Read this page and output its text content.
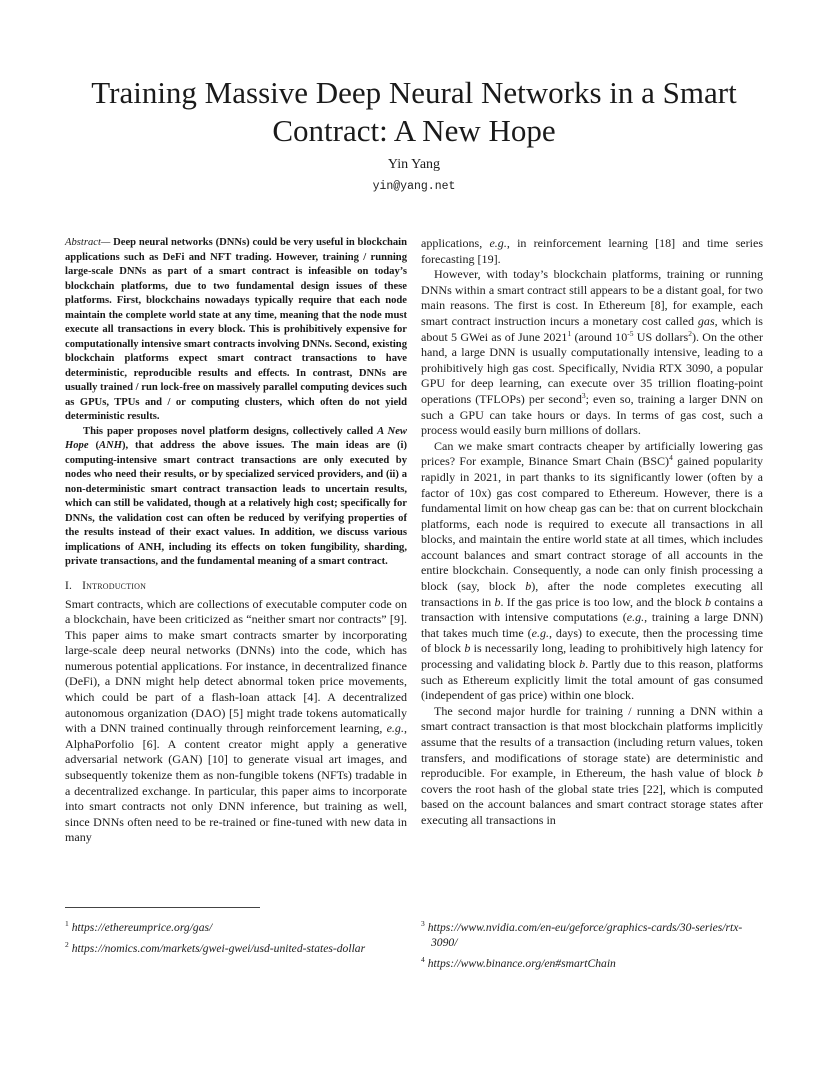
Training Massive Deep Neural Networks in a Smart
Contract: A New Hope
Yin Yang
yin@yang.net

Abstract— Deep neural networks (DNNs) could be very useful in blockchain applications such as DeFi and NFT trading. However, training / running large-scale DNNs as part of a smart contract is infeasible on today’s blockchain platforms, due to two fundamental design issues of these platforms. First, blockchains nowadays typically require that each node maintain the complete world state at any time, meaning that the node must execute all transactions in every block. This is prohibitively expensive for computationally intensive smart contracts involving DNNs. Second, existing blockchain platforms expect smart contract transactions to have deterministic, reproducible results and effects. In contrast, DNNs are usually trained / run lock-free on massively parallel computing devices such as GPUs, TPUs and / or computing clusters, which often do not yield deterministic results.

This paper proposes novel platform designs, collectively called A New Hope (ANH), that address the above issues. The main ideas are (i) computing-intensive smart contract transactions are only executed by nodes who need their results, or by specialized serviced providers, and (ii) a non-deterministic smart contract transaction leads to uncertain results, which can still be validated, though at a relatively high cost; specifically for DNNs, the validation cost can often be reduced by verifying properties of the results instead of their exact values. In addition, we discuss various implications of ANH, including its effects on token fungibility, sharding, private transactions, and the fundamental meaning of a smart contract.

I. Introduction

Smart contracts, which are collections of executable computer code on a blockchain, have been criticized as “neither smart nor contracts” [9]. This paper aims to make smart contracts smarter by incorporating large-scale deep neural networks (DNNs) into the code, which has numerous potential applications. For instance, in decentralized finance (DeFi), a DNN might help detect abnormal token price movements, which could be part of a flash-loan attack [4]. A decentralized autonomous organization (DAO) [5] might trade tokens automatically with a DNN trained continually through reinforcement learning, e.g., AlphaPorfolio [6]. A content creator might apply a generative adversarial network (GAN) [10] to generate visual art images, and subsequently tokenize them as non-fungible tokens (NFTs) tradable in a decentralized exchange. In particular, this paper aims to incorporate into smart contracts not only DNN inference, but training as well, since DNNs often need to be re-trained or fine-tuned with new data in many

applications, e.g., in reinforcement learning [18] and time series forecasting [19].

However, with today’s blockchain platforms, training or running DNNs within a smart contract still appears to be a distant goal, for two main reasons. The first is cost. In Ethereum [8], for example, each smart contract instruction incurs a monetary cost called gas, which is about 5 GWei as of June 2021$^1$ (around $10^{-5}$ US dollars$^2$). On the other hand, a large DNN is usually computationally intensive, leading to a prohibitively high gas cost. Specifically, Nvidia RTX 3090, a popular GPU for deep learning, can execute over 35 trillion floating-point operations (TFLOPs) per second$^3$; even so, training a larger DNN on such a GPU can take hours or days. In terms of gas cost, such a process would easily burn millions of dollars.

Can we make smart contracts cheaper by artificially lowering gas prices? For example, Binance Smart Chain (BSC)$^4$ gained popularity rapidly in 2021, in part thanks to its significantly lower (often by a factor of 10x) gas cost compared to Ethereum. However, there is a fundamental limit on how cheap gas can be: that on current blockchain platforms, each node is required to execute all transactions in all blocks, and maintain the entire world state at all times, which includes account balances and smart contract storage of all accounts in the entire blockchain. Consequently, a node can only finish processing a block (say, block b), after the node completes executing all transactions in b. If the gas price is too low, and the block b contains a transaction with intensive computations (e.g., training a large DNN) that takes much time (e.g., days) to execute, then the processing time of block b is necessarily long, leading to prohibitively high latency for processing and validating block b. Partly due to this reason, platforms such as Ethereum explicitly limit the total amount of gas consumed (independent of gas price) within one block.

The second major hurdle for training / running a DNN within a smart contract transaction is that most blockchain platforms implicitly assume that the results of a transaction (including return values, token transfers, and modifications of storage state) are deterministic and reproducible. For example, in Ethereum, the hash value of block b covers the root hash of the global state tries [22], which is computed based on the account balances and smart contract storage states after executing all transactions in

$^1$ https://ethereumprice.org/gas/

$^2$ https://nomics.com/markets/gwei-gwei/usd-united-states-dollar

$^3$ https://www.nvidia.com/en-eu/geforce/graphics-cards/30-series/rtx-3090/

$^4$ https://www.binance.org/en#smartChain
